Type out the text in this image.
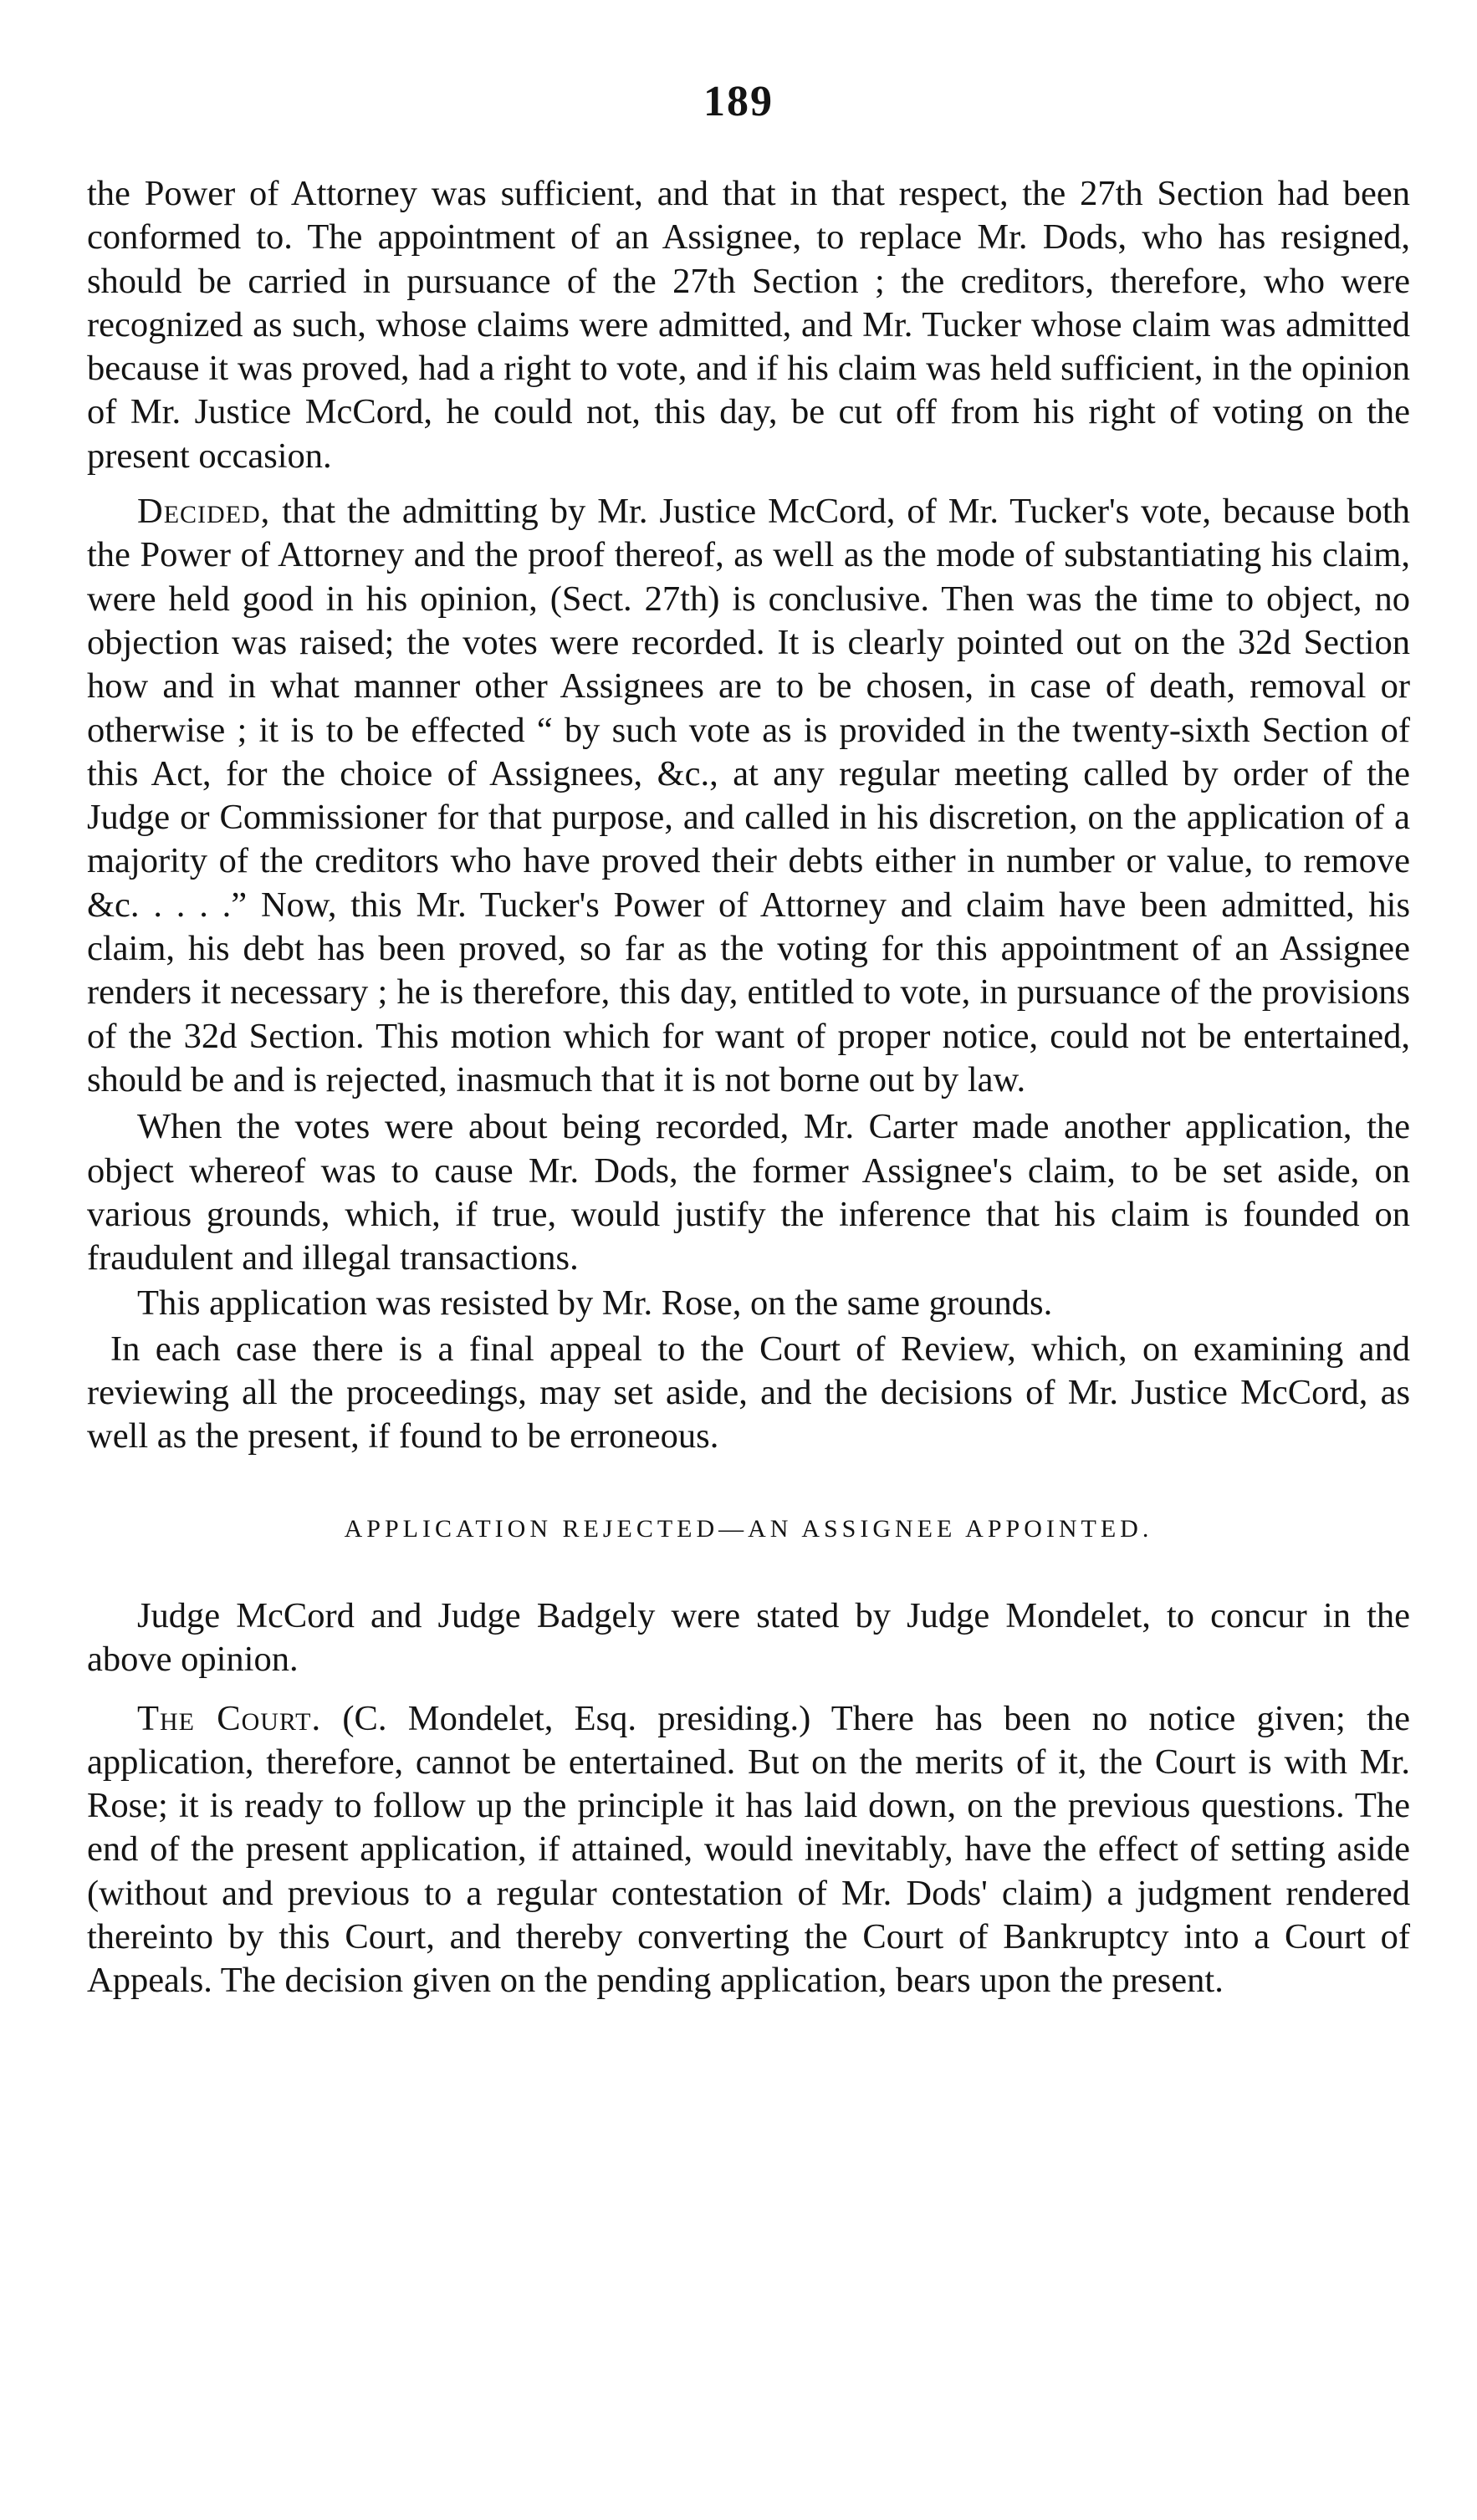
189

the Power of Attorney was sufficient, and that in that respect, the 27th Section had been conformed to. The appointment of an Assignee, to replace Mr. Dods, who has resigned, should be carried in pursuance of the 27th Section ; the creditors, therefore, who were recognized as such, whose claims were admitted, and Mr. Tucker whose claim was admitted because it was proved, had a right to vote, and if his claim was held sufficient, in the opinion of Mr. Justice McCord, he could not, this day, be cut off from his right of voting on the present occasion.

Decided, that the admitting by Mr. Justice McCord, of Mr. Tucker's vote, because both the Power of Attorney and the proof thereof, as well as the mode of substantiating his claim, were held good in his opinion, (Sect. 27th) is conclusive. Then was the time to object, no objection was raised; the votes were recorded. It is clearly pointed out on the 32d Section how and in what manner other Assignees are to be chosen, in case of death, removal or otherwise ; it is to be effected “ by such vote as is provided in the twenty-sixth Section of this Act, for the choice of Assignees, &c., at any regular meeting called by order of the Judge or Commissioner for that purpose, and called in his discretion, on the application of a majority of the creditors who have proved their debts either in number or value, to remove &c. . . . .” Now, this Mr. Tucker's Power of Attorney and claim have been admitted, his claim, his debt has been proved, so far as the voting for this appointment of an Assignee renders it necessary ; he is therefore, this day, entitled to vote, in pursuance of the provisions of the 32d Section. This motion which for want of proper notice, could not be entertained, should be and is rejected, inasmuch that it is not borne out by law.

When the votes were about being recorded, Mr. Carter made another application, the object whereof was to cause Mr. Dods, the former Assignee's claim, to be set aside, on various grounds, which, if true, would justify the inference that his claim is founded on fraudulent and illegal transactions.

This application was resisted by Mr. Rose, on the same grounds.

In each case there is a final appeal to the Court of Review, which, on examining and reviewing all the proceedings, may set aside, and the decisions of Mr. Justice McCord, as well as the present, if found to be erroneous.

APPLICATION REJECTED—AN ASSIGNEE APPOINTED.

Judge McCord and Judge Badgely were stated by Judge Mondelet, to concur in the above opinion.

The Court. (C. Mondelet, Esq. presiding.) There has been no notice given; the application, therefore, cannot be entertained. But on the merits of it, the Court is with Mr. Rose; it is ready to follow up the principle it has laid down, on the previous questions. The end of the present application, if attained, would inevitably, have the effect of setting aside (without and previous to a regular contestation of Mr. Dods' claim) a judgment rendered thereinto by this Court, and thereby converting the Court of Bankruptcy into a Court of Appeals. The decision given on the pending application, bears upon the present.
